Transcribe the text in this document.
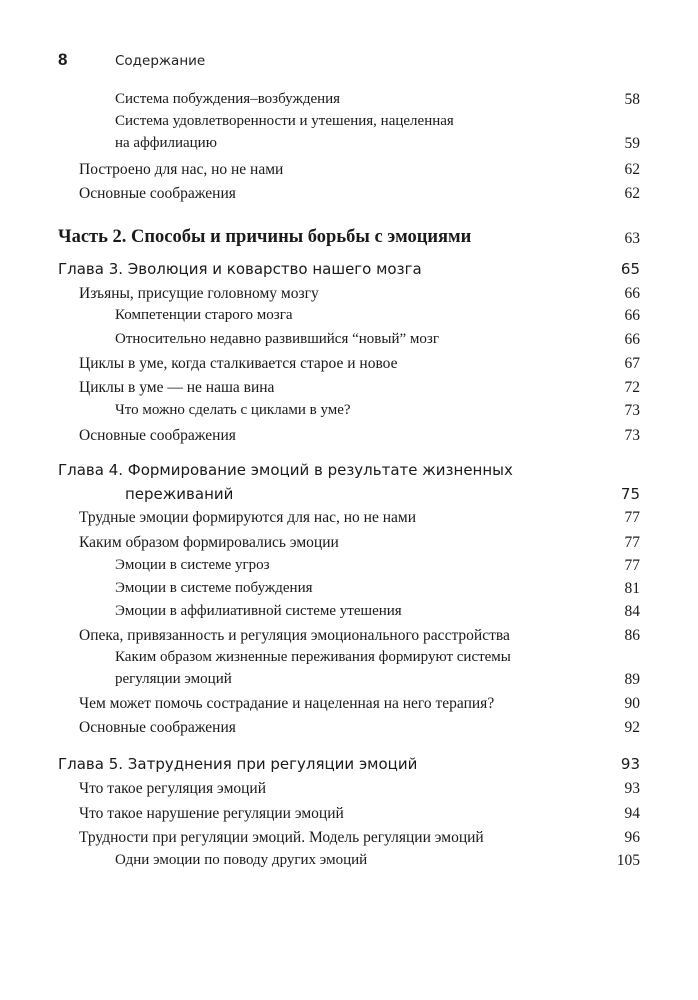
8	Содержание
Система побуждения–возбуждения	58
Система удовлетворенности и утешения, нацеленная
на аффилиацию	59
Построено для нас, но не нами	62
Основные соображения	62
Часть 2. Способы и причины борьбы с эмоциями	63
Глава 3. Эволюция и коварство нашего мозга	65
Изъяны, присущие головному мозгу	66
Компетенции старого мозга	66
Относительно недавно развившийся “новый” мозг	66
Циклы в уме, когда сталкивается старое и новое	67
Циклы в уме — не наша вина	72
Что можно сделать с циклами в уме?	73
Основные соображения	73
Глава 4. Формирование эмоций в результате жизненных
переживаний	75
Трудные эмоции формируются для нас, но не нами	77
Каким образом формировались эмоции	77
Эмоции в системе угроз	77
Эмоции в системе побуждения	81
Эмоции в аффилиативной системе утешения	84
Опека, привязанность и регуляция эмоционального расстройства	86
Каким образом жизненные переживания формируют системы
регуляции эмоций	89
Чем может помочь сострадание и нацеленная на него терапия?	90
Основные соображения	92
Глава 5. Затруднения при регуляции эмоций	93
Что такое регуляция эмоций	93
Что такое нарушение регуляции эмоций	94
Трудности при регуляции эмоций. Модель регуляции эмоций	96
Одни эмоции по поводу других эмоций	105
